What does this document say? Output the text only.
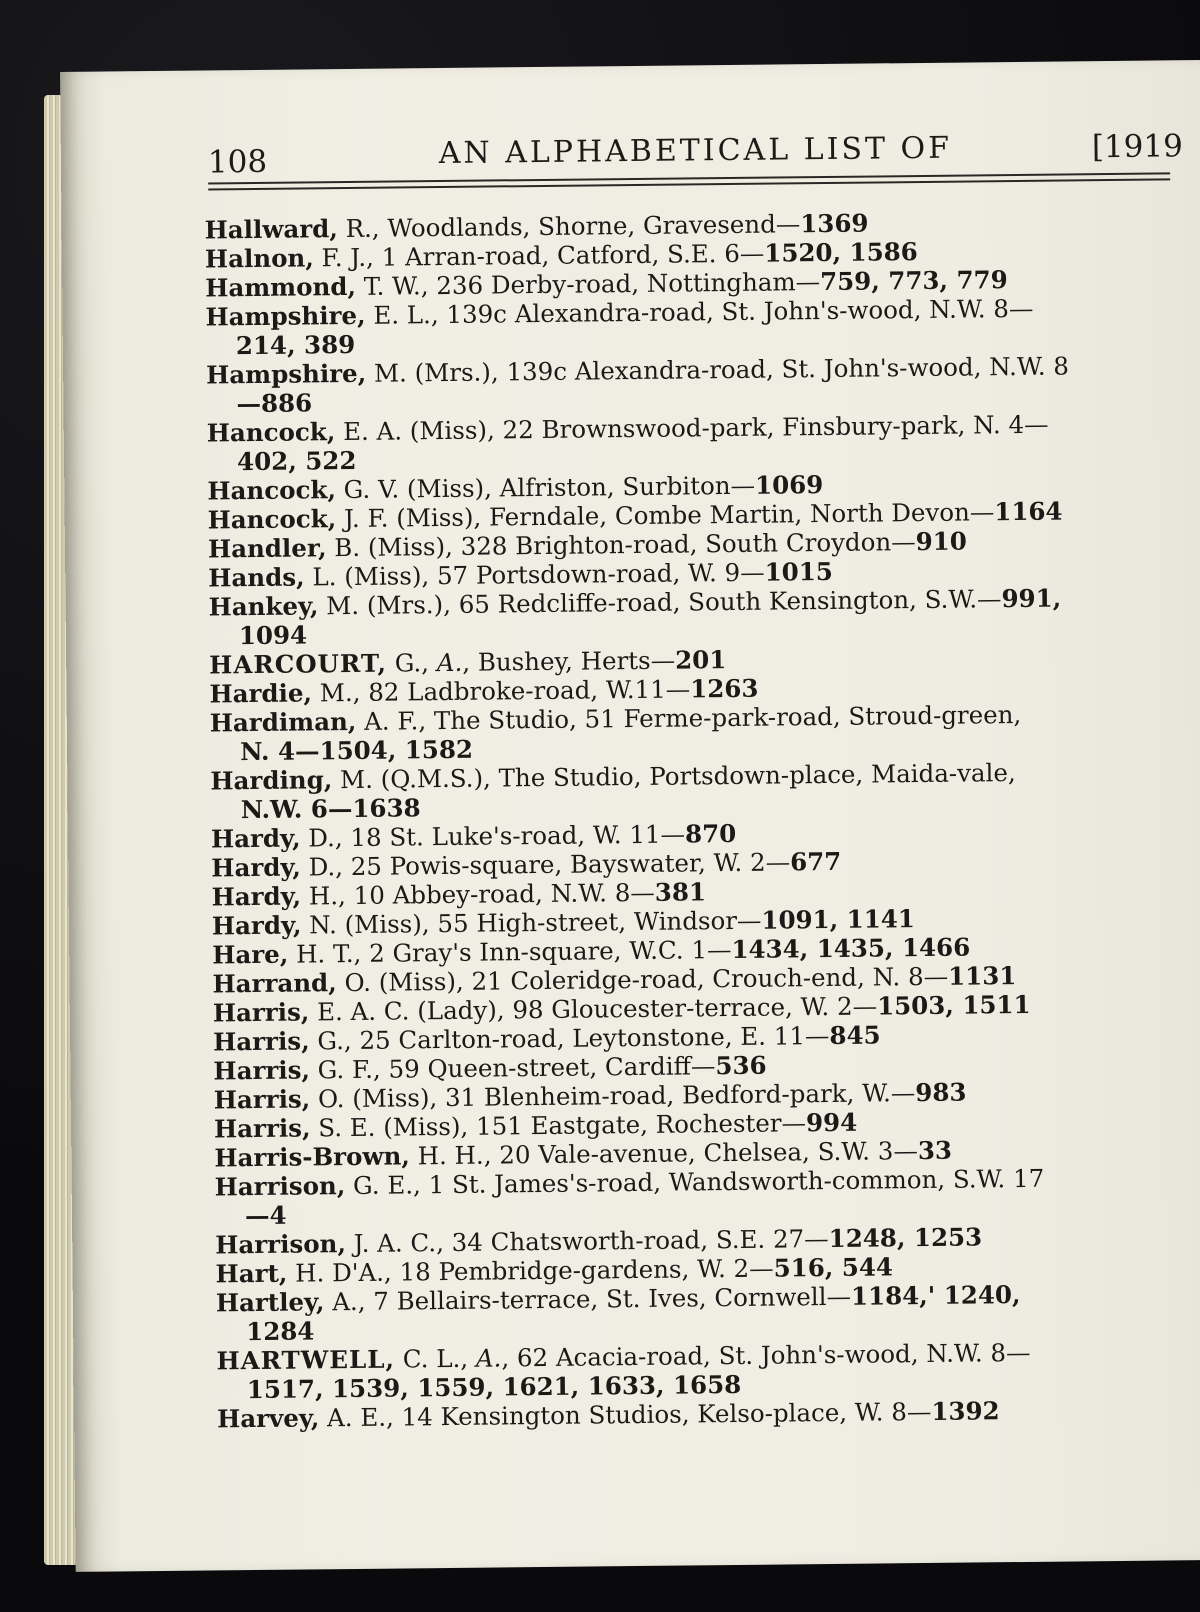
108	AN ALPHABETICAL LIST OF	[1919
Hallward, R., Woodlands, Shorne, Gravesend—1369
Halnon, F. J., 1 Arran-road, Catford, S.E. 6—1520, 1586
Hammond, T. W., 236 Derby-road, Nottingham—759, 773, 779
Hampshire, E. L., 139c Alexandra-road, St. John's-wood, N.W. 8—
214, 389
Hampshire, M. (Mrs.), 139c Alexandra-road, St. John's-wood, N.W. 8
—886
Hancock, E. A. (Miss), 22 Brownswood-park, Finsbury-park, N. 4—
402, 522
Hancock, G. V. (Miss), Alfriston, Surbiton—1069
Hancock, J. F. (Miss), Ferndale, Combe Martin, North Devon—1164
Handler, B. (Miss), 328 Brighton-road, South Croydon—910
Hands, L. (Miss), 57 Portsdown-road, W. 9—1015
Hankey, M. (Mrs.), 65 Redcliffe-road, South Kensington, S.W.—991,
1094
HARCOURT, G., A., Bushey, Herts—201
Hardie, M., 82 Ladbroke-road, W.11—1263
Hardiman, A. F., The Studio, 51 Ferme-park-road, Stroud-green,
N. 4—1504, 1582
Harding, M. (Q.M.S.), The Studio, Portsdown-place, Maida-vale,
N.W. 6—1638
Hardy, D., 18 St. Luke's-road, W. 11—870
Hardy, D., 25 Powis-square, Bayswater, W. 2—677
Hardy, H., 10 Abbey-road, N.W. 8—381
Hardy, N. (Miss), 55 High-street, Windsor—1091, 1141
Hare, H. T., 2 Gray's Inn-square, W.C. 1—1434, 1435, 1466
Harrand, O. (Miss), 21 Coleridge-road, Crouch-end, N. 8—1131
Harris, E. A. C. (Lady), 98 Gloucester-terrace, W. 2—1503, 1511
Harris, G., 25 Carlton-road, Leytonstone, E. 11—845
Harris, G. F., 59 Queen-street, Cardiff—536
Harris, O. (Miss), 31 Blenheim-road, Bedford-park, W.—983
Harris, S. E. (Miss), 151 Eastgate, Rochester—994
Harris-Brown, H. H., 20 Vale-avenue, Chelsea, S.W. 3—33
Harrison, G. E., 1 St. James's-road, Wandsworth-common, S.W. 17
—4
Harrison, J. A. C., 34 Chatsworth-road, S.E. 27—1248, 1253
Hart, H. D'A., 18 Pembridge-gardens, W. 2—516, 544
Hartley, A., 7 Bellairs-terrace, St. Ives, Cornwell—1184,' 1240,
1284
HARTWELL, C. L., A., 62 Acacia-road, St. John's-wood, N.W. 8—
1517, 1539, 1559, 1621, 1633, 1658
Harvey, A. E., 14 Kensington Studios, Kelso-place, W. 8—1392
